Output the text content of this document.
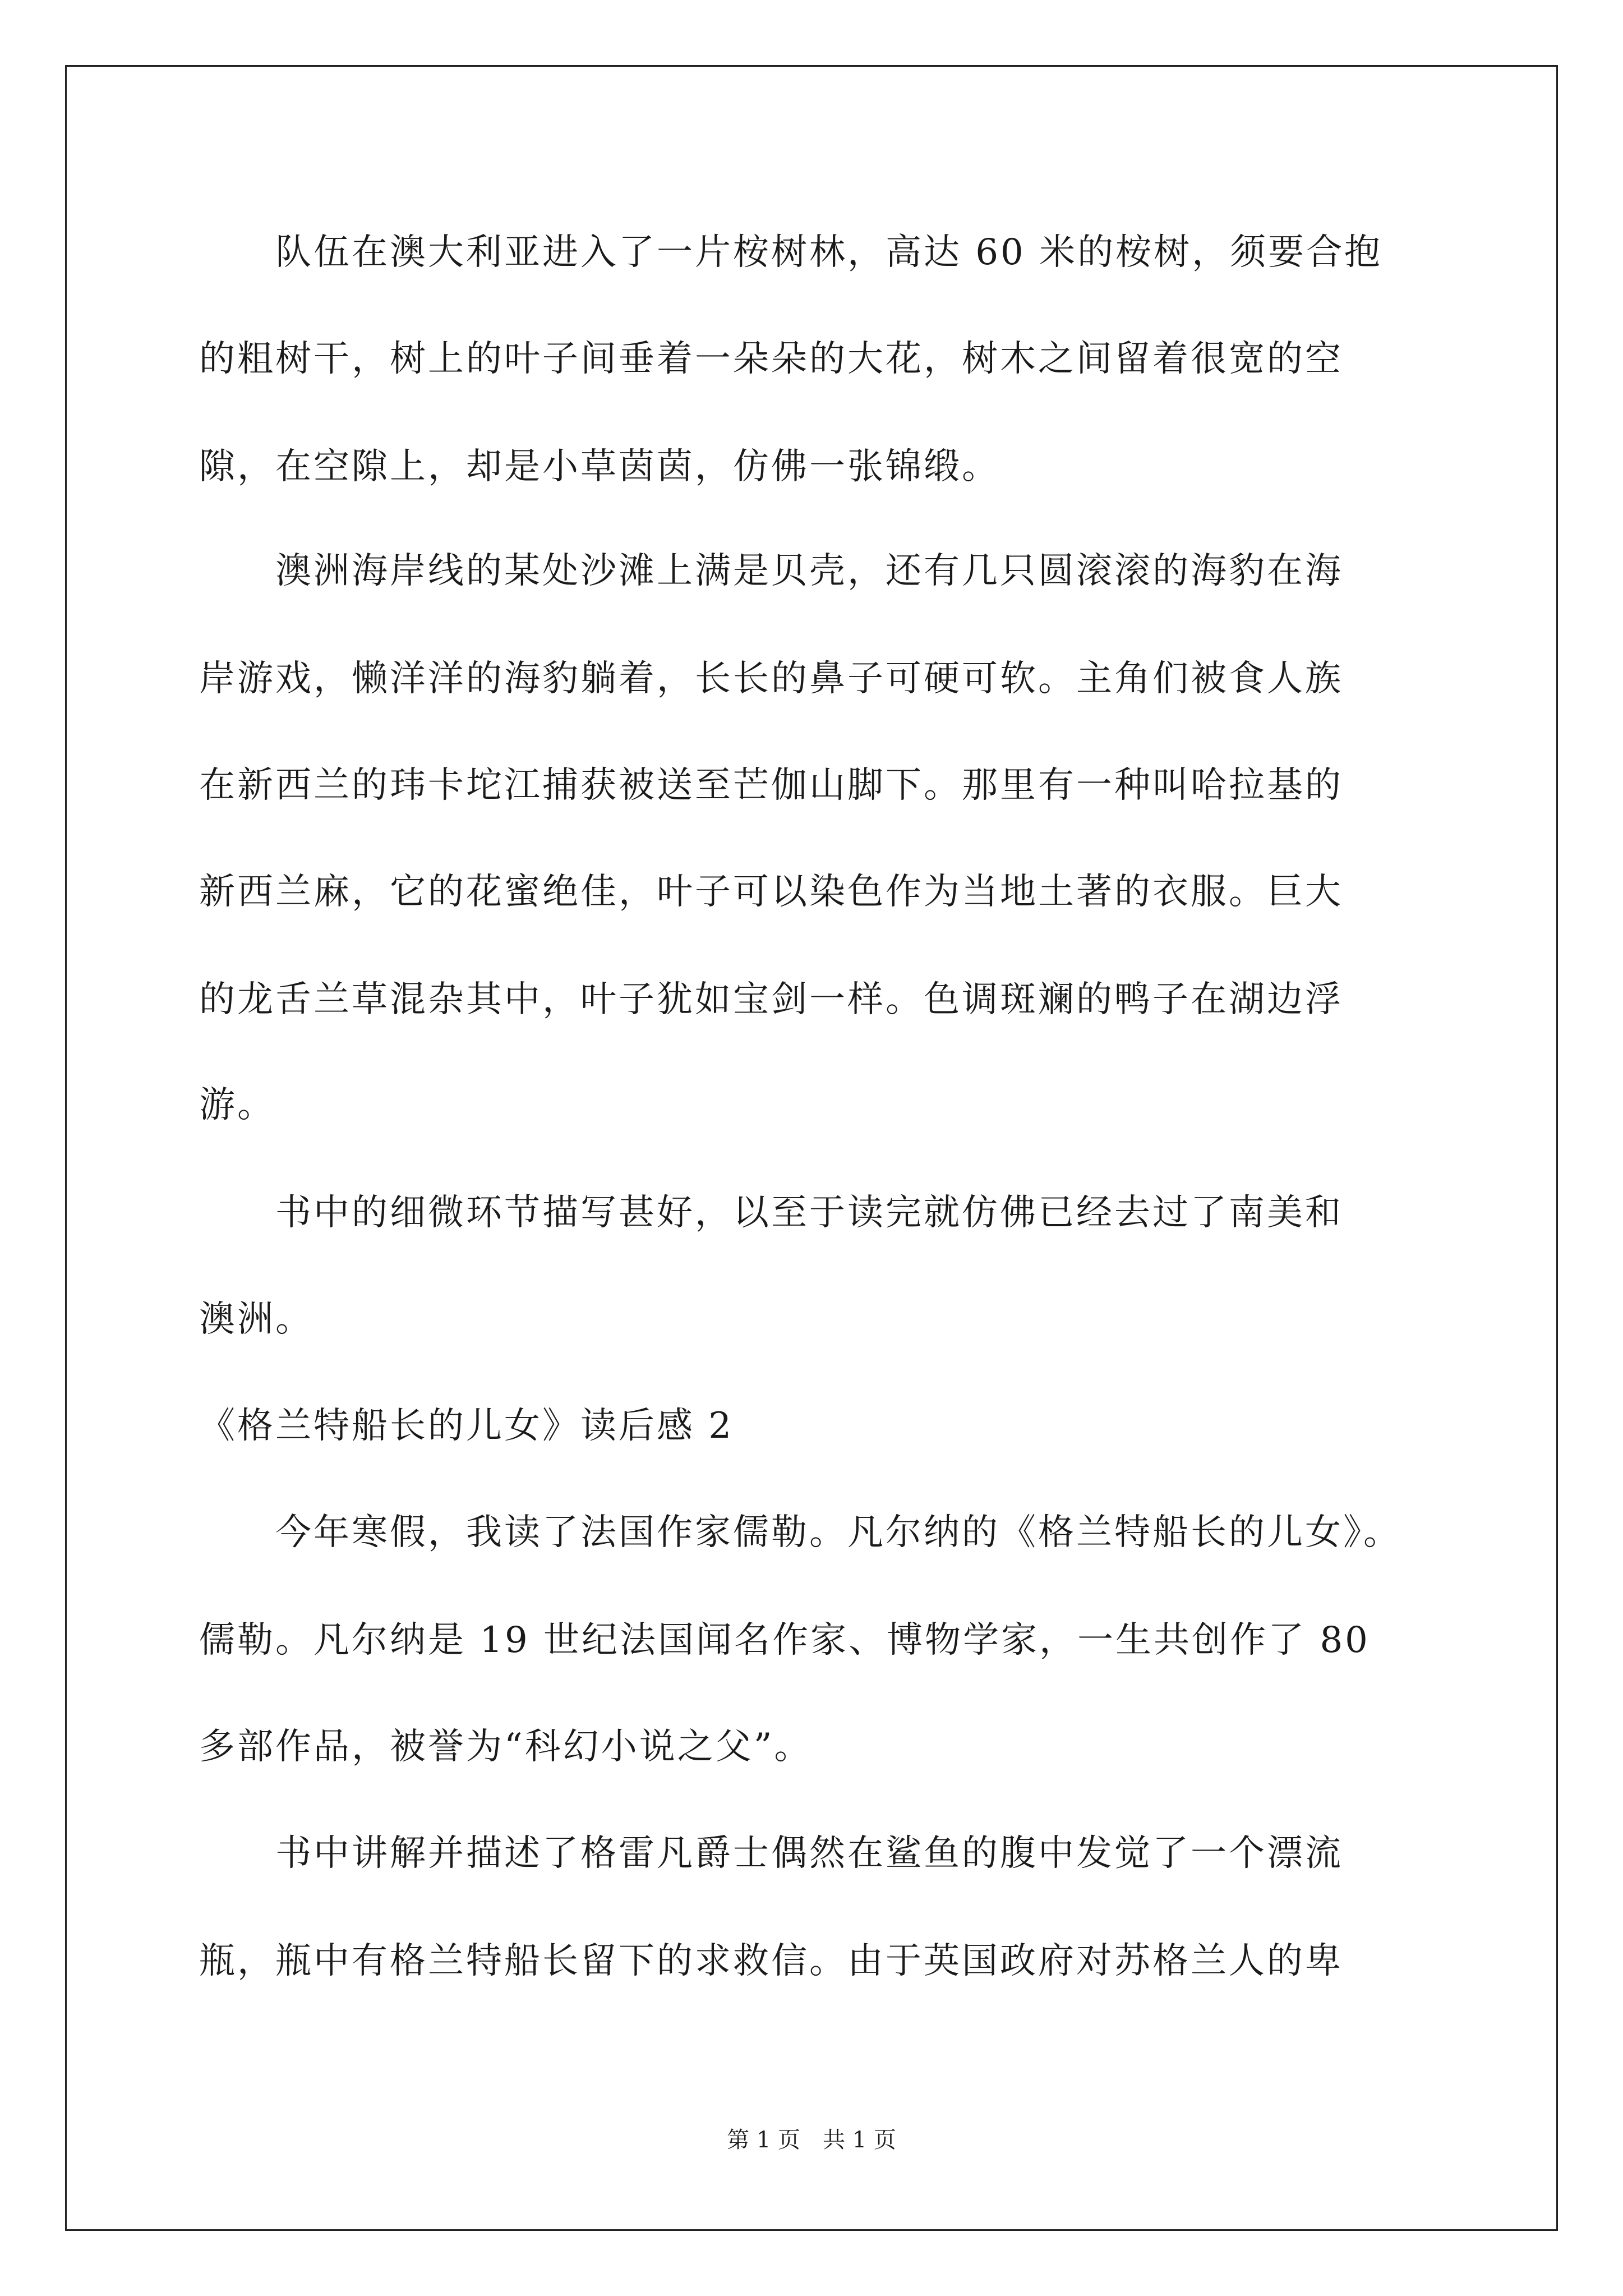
　　队伍在澳大利亚进入了一片桉树林，高达 60 米的桉树，须要合抱
的粗树干，树上的叶子间垂着一朵朵的大花，树木之间留着很宽的空
隙，在空隙上，却是小草茵茵，仿佛一张锦缎。
　　澳洲海岸线的某处沙滩上满是贝壳，还有几只圆滚滚的海豹在海
岸游戏，懒洋洋的海豹躺着，长长的鼻子可硬可软。主角们被食人族
在新西兰的玮卡坨江捕获被送至芒伽山脚下。那里有一种叫哈拉基的
新西兰麻，它的花蜜绝佳，叶子可以染色作为当地土著的衣服。巨大
的龙舌兰草混杂其中，叶子犹如宝剑一样。色调斑斓的鸭子在湖边浮
游。
　　书中的细微环节描写甚好，以至于读完就仿佛已经去过了南美和
澳洲。
《格兰特船长的儿女》读后感 2
　　今年寒假，我读了法国作家儒勒。凡尔纳的《格兰特船长的儿女》。
儒勒。凡尔纳是 19 世纪法国闻名作家、博物学家，一生共创作了 80
多部作品，被誉为“科幻小说之父”。
　　书中讲解并描述了格雷凡爵士偶然在鲨鱼的腹中发觉了一个漂流
瓶，瓶中有格兰特船长留下的求救信。由于英国政府对苏格兰人的卑
第 1 页　共 1 页
